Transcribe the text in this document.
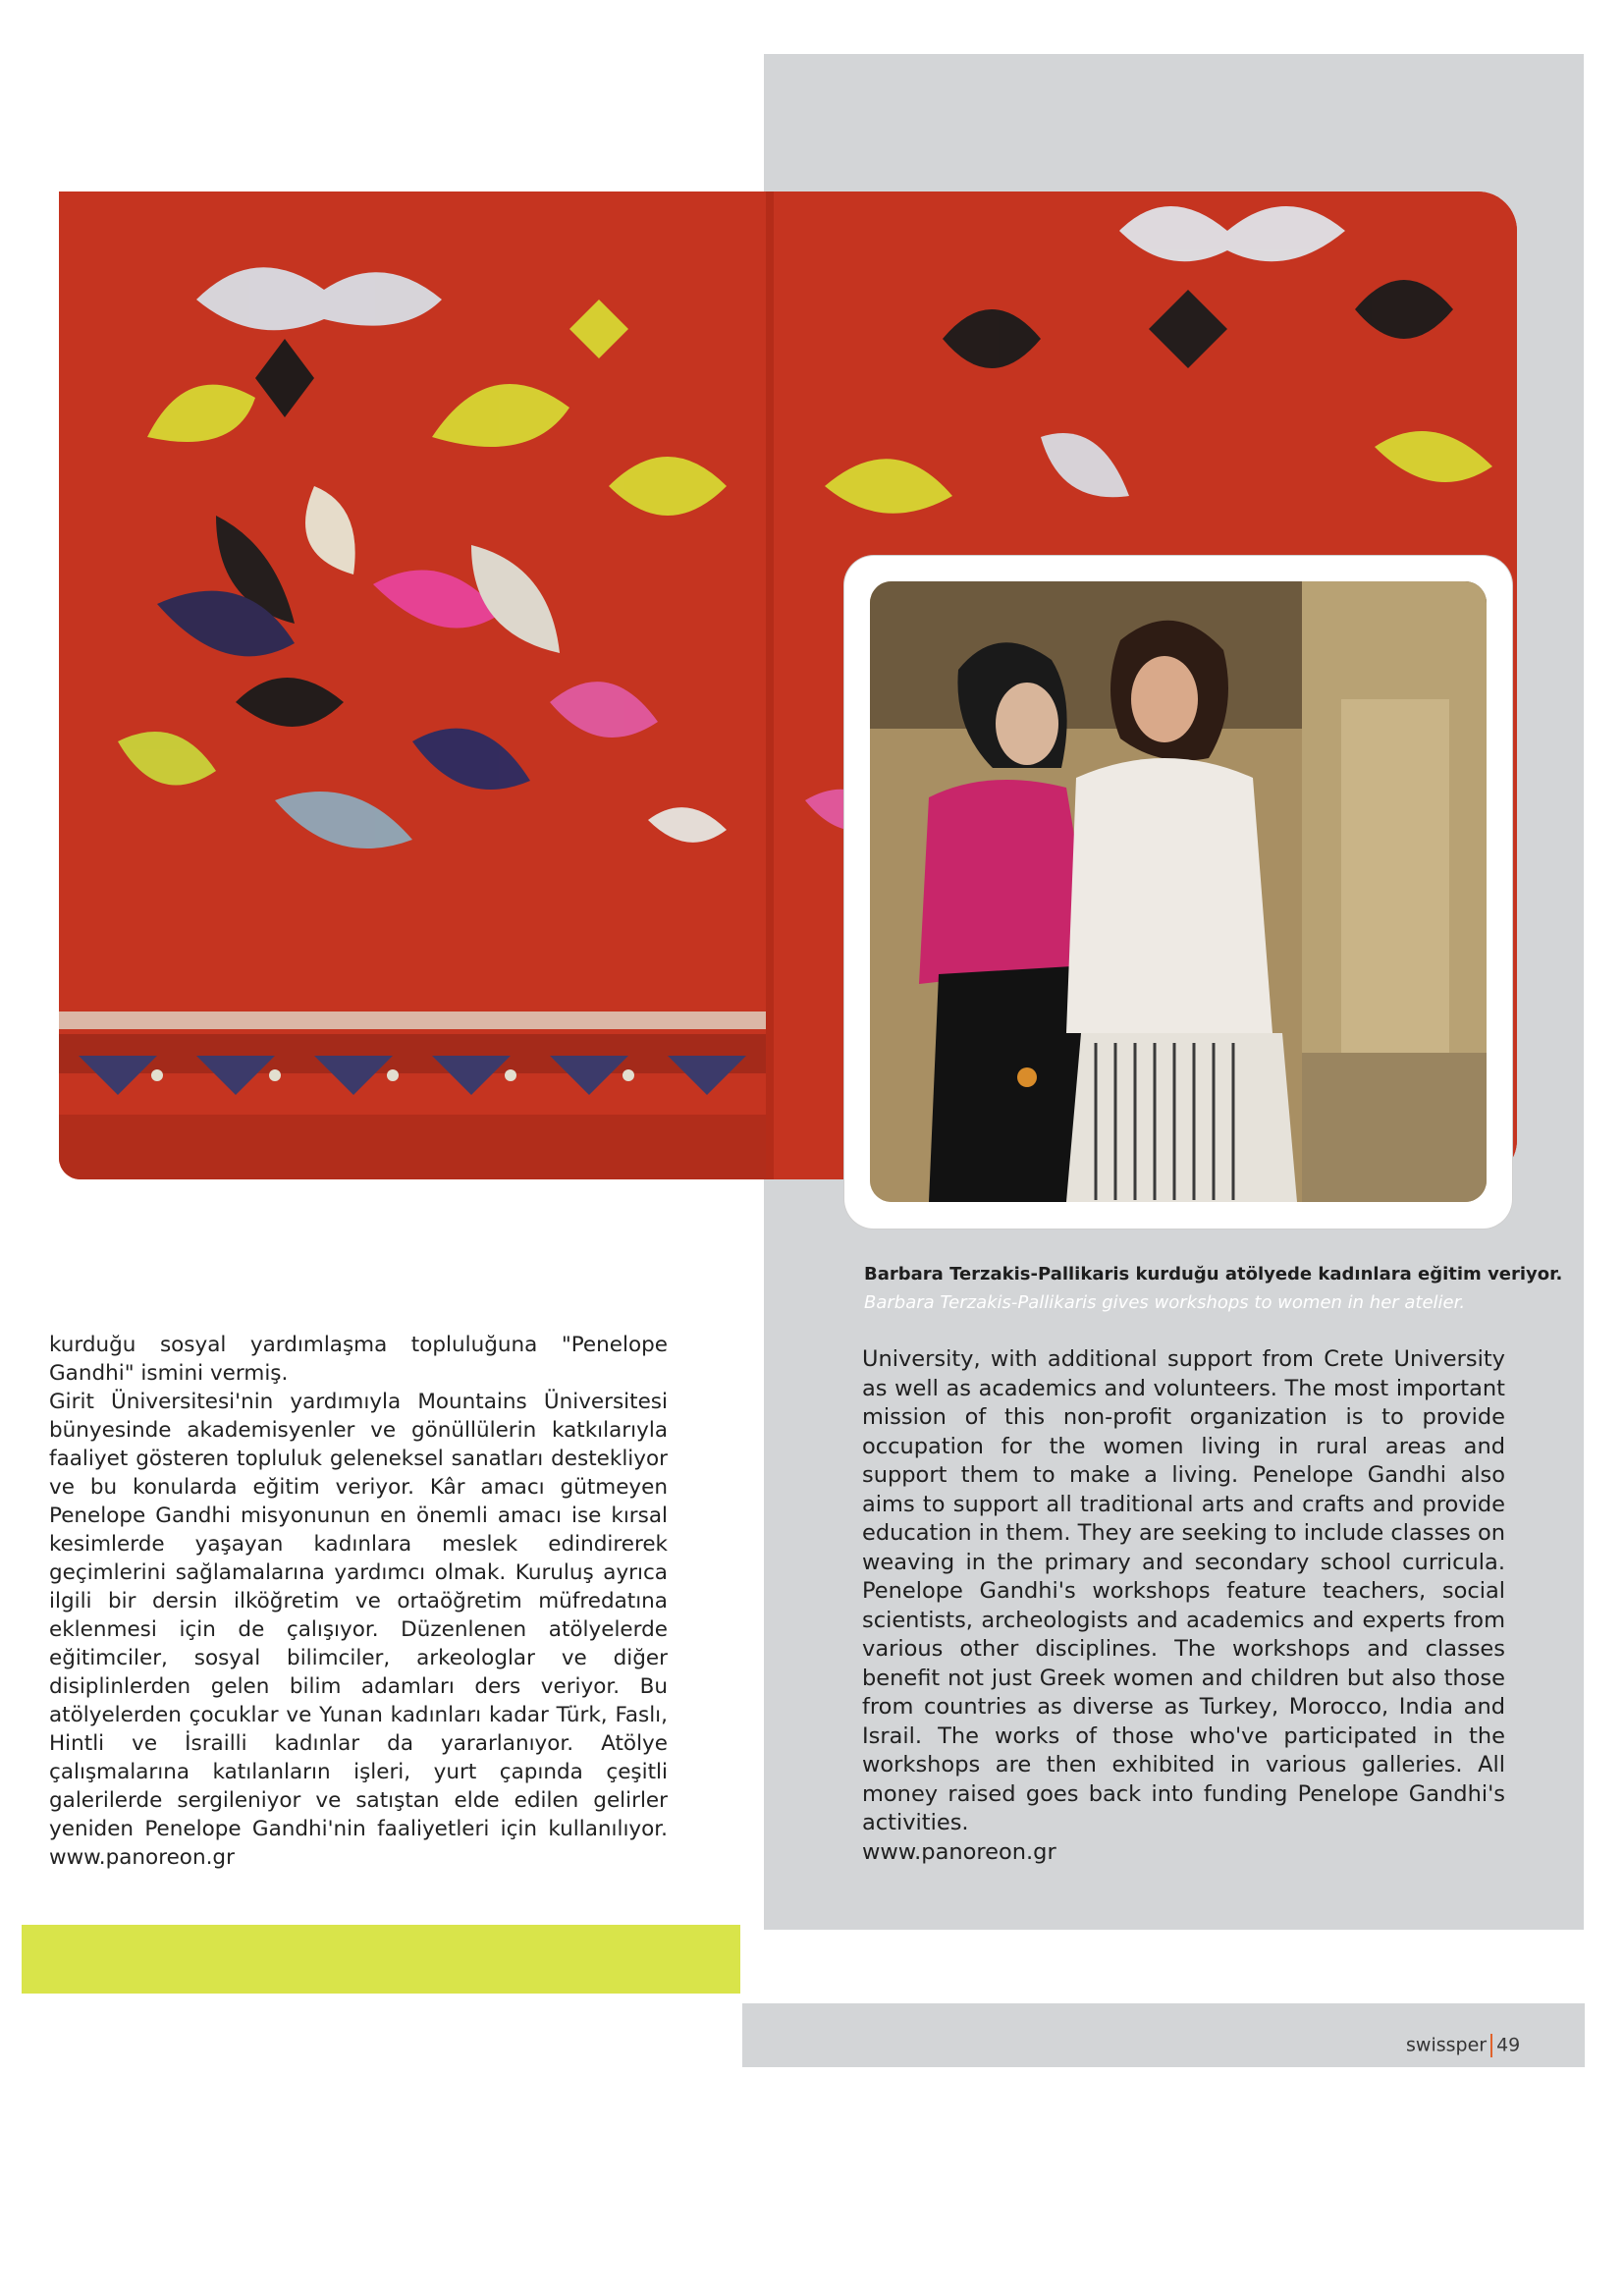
Barbara Terzakis-Pallikaris kurduğu atölyede kadınlara eğitim veriyor.
Barbara Terzakis-Pallikaris gives workshops to women in her atelier.

kurduğu sosyal yardımlaşma topluluğuna "Penelope Gandhi" ismini vermiş.

Girit Üniversitesi'nin yardımıyla Mountains Üniversitesi bünyesinde akademisyenler ve gönüllülerin katkılarıyla faaliyet gösteren topluluk geleneksel sanatları destekliyor ve bu konularda eğitim veriyor. Kâr amacı gütmeyen Penelope Gandhi misyonunun en önemli amacı ise kırsal kesimlerde yaşayan kadınlara meslek edindirerek geçimlerini sağlamalarına yardımcı olmak. Kuruluş ayrıca ilgili bir dersin ilköğretim ve ortaöğretim müfredatına eklenmesi için de çalışıyor. Düzenlenen atölyelerde eğitimciler, sosyal bilimciler, arkeologlar ve diğer disiplinlerden gelen bilim adamları ders veriyor. Bu atölyelerden çocuklar ve Yunan kadınları kadar Türk, Faslı, Hintli ve İsrailli kadınlar da yararlanıyor. Atölye çalışmalarına katılanların işleri, yurt çapında çeşitli galerilerde sergileniyor ve satıştan elde edilen gelirler yeniden Penelope Gandhi'nin faaliyetleri için kullanılıyor. www.panoreon.gr

University, with additional support from Crete University as well as academics and volunteers. The most important mission of this non-profit organization is to provide occupation for the women living in rural areas and support them to make a living. Penelope Gandhi also aims to support all traditional arts and crafts and provide education in them. They are seeking to include classes on weaving in the primary and secondary school curricula. Penelope Gandhi's workshops feature teachers, social scientists, archeologists and academics and experts from various other disciplines. The workshops and classes benefit not just Greek women and children but also those from countries as diverse as Turkey, Morocco, India and Israil. The works of those who've participated in the workshops are then exhibited in various galleries. All money raised goes back into funding Penelope Gandhi's activities.

www.panoreon.gr
swissper 49
